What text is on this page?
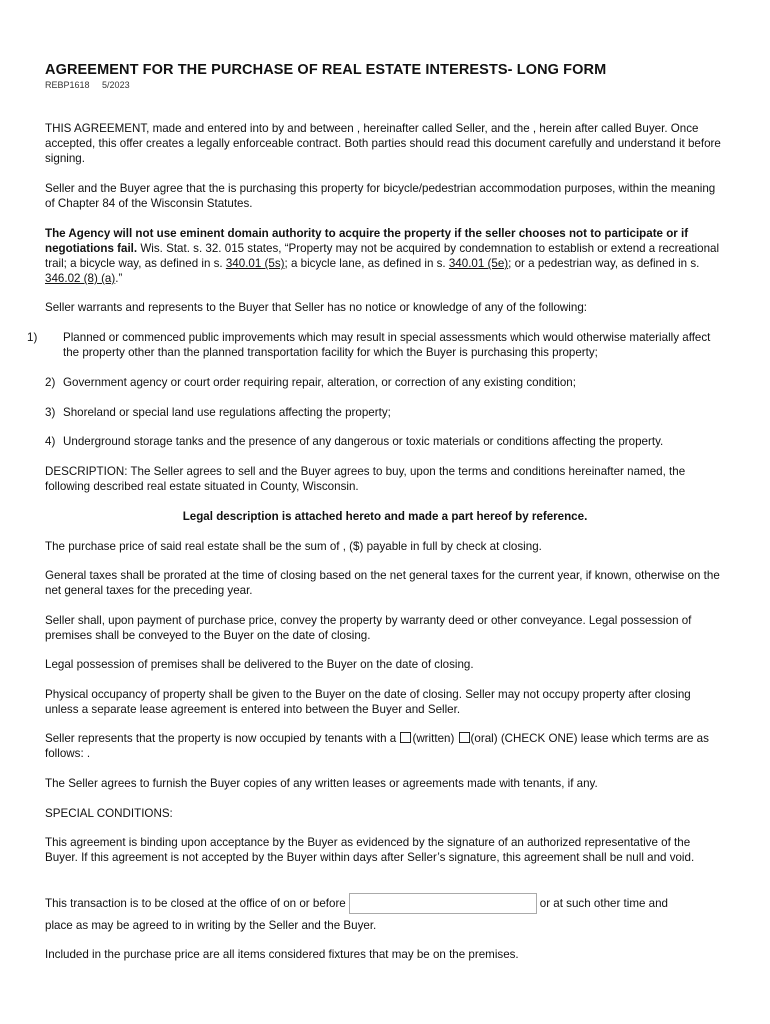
AGREEMENT FOR THE PURCHASE OF REAL ESTATE INTERESTS- LONG FORM
REBP1618 5/2023
THIS AGREEMENT, made and entered into by and between , hereinafter called Seller, and the , herein after called Buyer. Once accepted, this offer creates a legally enforceable contract. Both parties should read this document carefully and understand it before signing.
Seller and the Buyer agree that the is purchasing this property for bicycle/pedestrian accommodation purposes, within the meaning of Chapter 84 of the Wisconsin Statutes.
The Agency will not use eminent domain authority to acquire the property if the seller chooses not to participate or if negotiations fail. Wis. Stat. s. 32. 015 states, “Property may not be acquired by condemnation to establish or extend a recreational trail; a bicycle way, as defined in s. 340.01 (5s); a bicycle lane, as defined in s. 340.01 (5e); or a pedestrian way, as defined in s. 346.02 (8) (a).”
Seller warrants and represents to the Buyer that Seller has no notice or knowledge of any of the following:
1) Planned or commenced public improvements which may result in special assessments which would otherwise materially affect the property other than the planned transportation facility for which the Buyer is purchasing this property;
2) Government agency or court order requiring repair, alteration, or correction of any existing condition;
3) Shoreland or special land use regulations affecting the property;
4) Underground storage tanks and the presence of any dangerous or toxic materials or conditions affecting the property.
DESCRIPTION: The Seller agrees to sell and the Buyer agrees to buy, upon the terms and conditions hereinafter named, the following described real estate situated in County, Wisconsin.
Legal description is attached hereto and made a part hereof by reference.
The purchase price of said real estate shall be the sum of , ($) payable in full by check at closing.
General taxes shall be prorated at the time of closing based on the net general taxes for the current year, if known, otherwise on the net general taxes for the preceding year.
Seller shall, upon payment of purchase price, convey the property by warranty deed or other conveyance. Legal possession of premises shall be conveyed to the Buyer on the date of closing.
Legal possession of premises shall be delivered to the Buyer on the date of closing.
Physical occupancy of property shall be given to the Buyer on the date of closing. Seller may not occupy property after closing unless a separate lease agreement is entered into between the Buyer and Seller.
Seller represents that the property is now occupied by tenants with a (written) (oral) (CHECK ONE) lease which terms are as follows: .
The Seller agrees to furnish the Buyer copies of any written leases or agreements made with tenants, if any.
SPECIAL CONDITIONS:
This agreement is binding upon acceptance by the Buyer as evidenced by the signature of an authorized representative of the Buyer. If this agreement is not accepted by the Buyer within days after Seller’s signature, this agreement shall be null and void.
This transaction is to be closed at the office of on or before	or at such other time and
place as may be agreed to in writing by the Seller and the Buyer.
Included in the purchase price are all items considered fixtures that may be on the premises.
